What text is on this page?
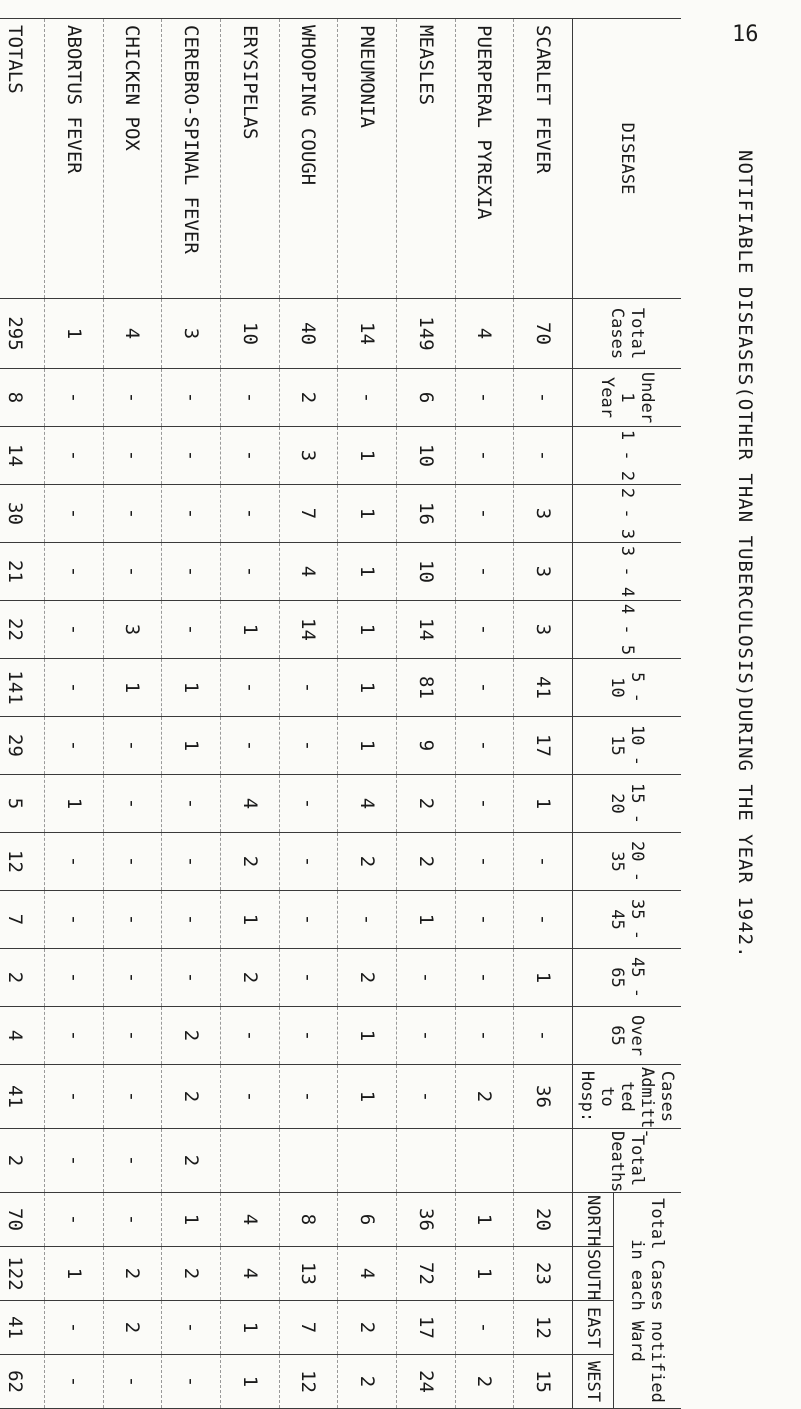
16
NOTIFIABLE DISEASES(OTHER THAN TUBERCULOSIS)DURING THE YEAR 1942.
DISEASE	Total Cases	Under 1 Year	1 - 2	2 - 3	3 - 4	4 - 5	5 - 10	10 - 15	15 - 20	20 - 35	35 - 45	45 - 65	Over 65	Cases Admitt- ted to Hosp:	Total Deaths	Total Cases notified in each Ward			
																NORTH	SOUTH	EAST	WEST
SCARLET FEVER	70	-	-	3	3	3	41	17	1	-	-	1	-	36		20	23	12	15
PUERPERAL PYREXIA	4	-	-	-	-	-	-	-	-	-	-	-	-	2		1	1	-	2
MEASLES	149	6	10	16	10	14	81	9	2	2	1	-	-	-		36	72	17	24
PNEUMONIA	14	-	1	1	1	1	1	1	4	2	-	2	1	1		6	4	2	2
WHOOPING COUGH	40	2	3	7	4	14	-	-	-	-	-	-	-	-		8	13	7	12
ERYSIPELAS	10	-	-	-	-	1	-	-	4	2	1	2	-	-		4	4	1	1
CEREBRO-SPINAL FEVER	3	-	-	-	-	-	1	1	-	-	-	-	2	2	2	1	2	-	-
CHICKEN POX	4	-	-	-	-	3	1	-	-	-	-	-	-	-	-	-	2	2	-
ABORTUS FEVER	1	-	-	-	-	-	-	-	1	-	-	-	-	-	-	-	1	-	-
TOTALS	295	8	14	30	21	22	141	29	5	12	7	2	4	41	2	70	122	41	62
